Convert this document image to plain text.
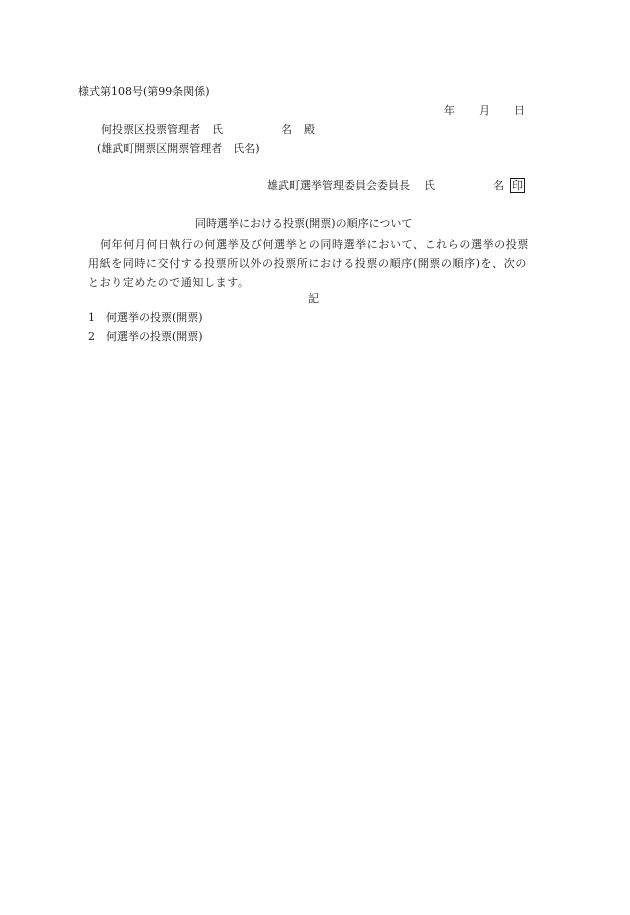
様式第108号(第99条関係)
年 月 日
何投票区投票管理者 氏	名 殿
(雄武町開票区開票管理者　氏名)
雄武町選挙管理委員会委員長 氏	名 印
同時選挙における投票(開票)の順序について
何年何月何日執行の何選挙及び何選挙との同時選挙において、これらの選挙の投票用紙を同時に交付する投票所以外の投票所における投票の順序(開票の順序)を、次のとおり定めたので通知します。
記
1 何選挙の投票(開票)
2 何選挙の投票(開票)
